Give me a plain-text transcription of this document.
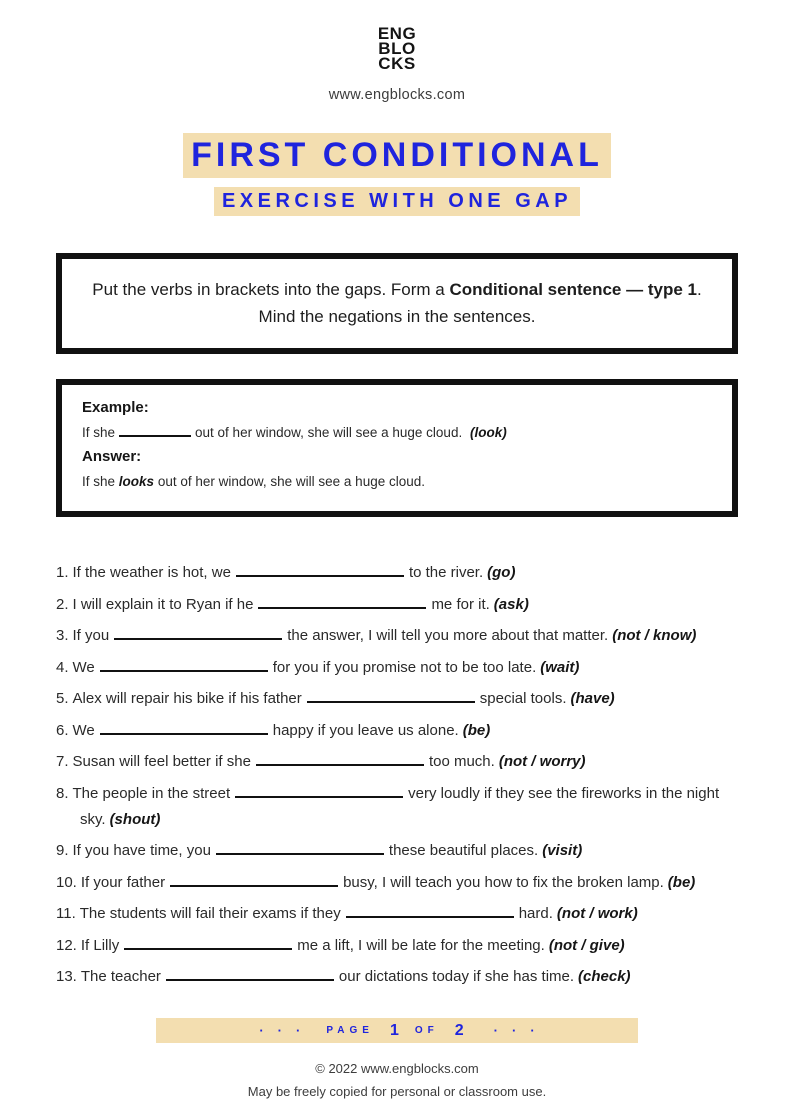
ENG
BLO
CKS
www.engblocks.com
FIRST CONDITIONAL
EXERCISE WITH ONE GAP

Put the verbs in brackets into the gaps. Form a Conditional sentence — type 1. Mind the negations in the sentences.

Example:

If she	out of her window, she will see a huge cloud. (look)

Answer:

If she looks out of her window, she will see a huge cloud.

1. If the weather is hot, we	to the river. (go)

2. I will explain it to Ryan if he	me for it. (ask)

3. If you	the answer, I will tell you more about that matter. (not / know)

4. We	for you if you promise not to be too late. (wait)

5. Alex will repair his bike if his father	special tools. (have)

6. We	happy if you leave us alone. (be)

7. Susan will feel better if she	too much. (not / worry)

8. The people in the street	very loudly if they see the fireworks in the night sky. (shout)

9. If you have time, you	these beautiful places. (visit)

10. If your father	busy, I will teach you how to fix the broken lamp. (be)

11. The students will fail their exams if they	hard. (not / work)

12. If Lilly	me a lift, I will be late for the meeting. (not / give)

13. The teacher	our dictations today if she has time. (check)

··· PAGE 1 OF 2	···

© 2022 www.engblocks.com

May be freely copied for personal or classroom use.
